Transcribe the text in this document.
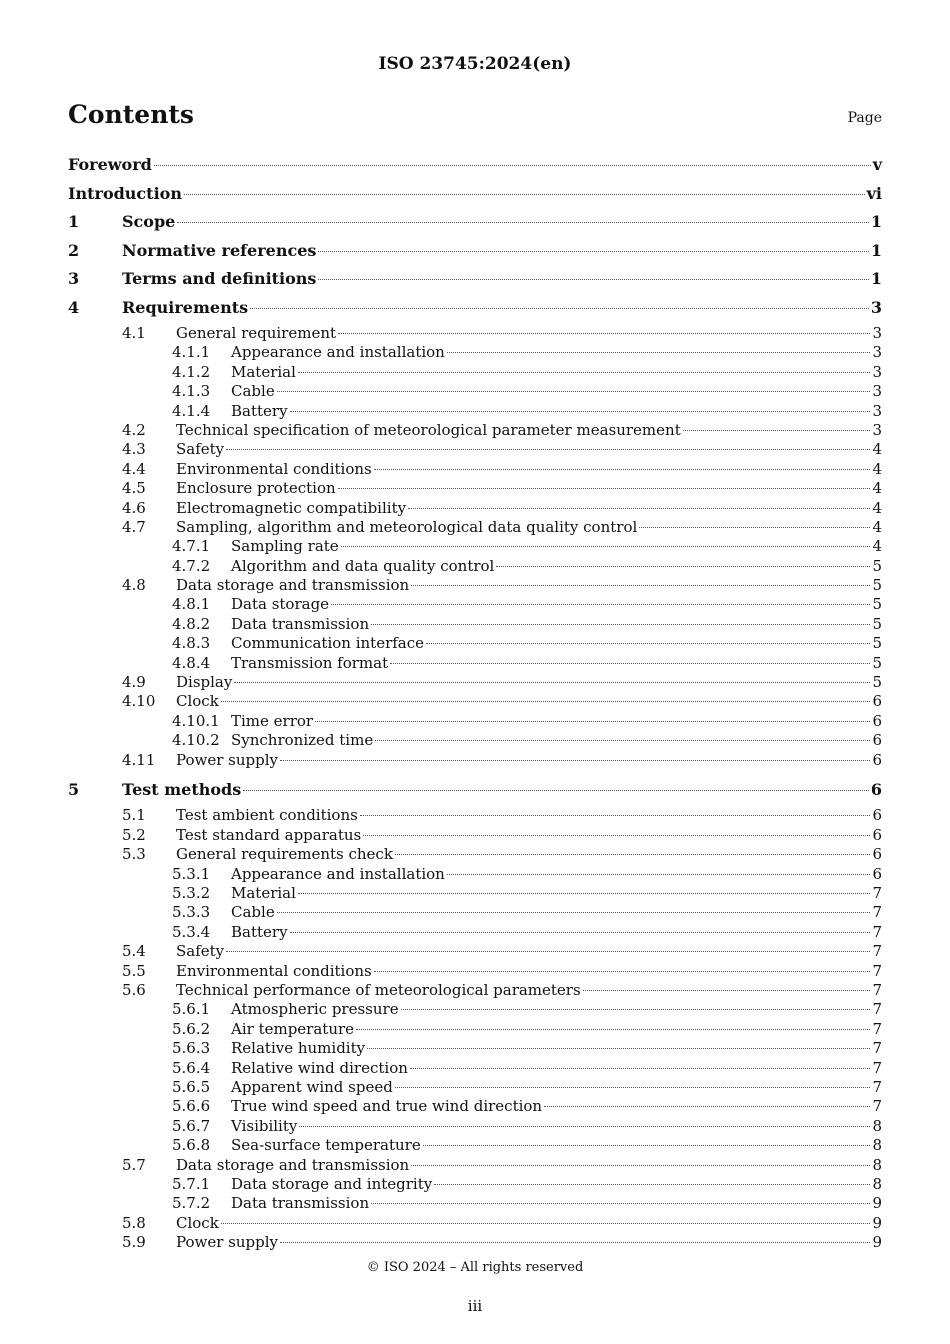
ISO 23745:2024(en)
Contents	Page
Foreword	v
Introduction	vi
1	Scope	1
2	Normative references	1
3	Terms and definitions	1
4	Requirements	3
4.1	General requirement	3
4.1.1	Appearance and installation	3
4.1.2	Material	3
4.1.3	Cable	3
4.1.4	Battery	3
4.2	Technical specification of meteorological parameter measurement	3
4.3	Safety	4
4.4	Environmental conditions	4
4.5	Enclosure protection	4
4.6	Electromagnetic compatibility	4
4.7	Sampling, algorithm and meteorological data quality control	4
4.7.1	Sampling rate	4
4.7.2	Algorithm and data quality control	5
4.8	Data storage and transmission	5
4.8.1	Data storage	5
4.8.2	Data transmission	5
4.8.3	Communication interface	5
4.8.4	Transmission format	5
4.9	Display	5
4.10	Clock	6
4.10.1 Time error	6
4.10.2 Synchronized time	6
4.11	Power supply	6
5	Test methods	6
5.1	Test ambient conditions	6
5.2	Test standard apparatus	6
5.3	General requirements check	6
5.3.1	Appearance and installation	6
5.3.2	Material	7
5.3.3	Cable	7
5.3.4	Battery	7
5.4	Safety	7
5.5	Environmental conditions	7
5.6	Technical performance of meteorological parameters	7
5.6.1	Atmospheric pressure	7
5.6.2	Air temperature	7
5.6.3	Relative humidity	7
5.6.4	Relative wind direction	7
5.6.5	Apparent wind speed	7
5.6.6	True wind speed and true wind direction	7
5.6.7	Visibility	8
5.6.8	Sea-surface temperature	8
5.7	Data storage and transmission	8
5.7.1	Data storage and integrity	8
5.7.2	Data transmission	9
5.8	Clock	9
5.9	Power supply	9
© ISO 2024 – All rights reserved
iii
